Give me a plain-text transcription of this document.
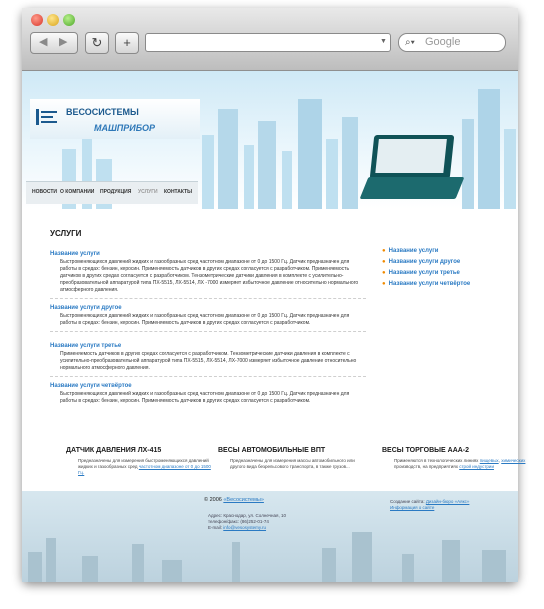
◀ ▶	↻	+	▼ ⌕▾ Google
ВЕСОСИСТЕМЫ
МАШПРИБОР
НОВОСТИ О КОМПАНИИ ПРОДУКЦИЯ УСЛУГИ КОНТАКТЫ
УСЛУГИ
Название услуги
Быстроменяющихся давлений жидких и газообразных сред частотном диапазоне от 0 до 1500 Гц. Датчик предназначен для работы в средах: бензин, керосин. Применяемость датчиков в других средах согласуется с разработчиком. Применяемость датчиков в других средах согласуется с разработчиком. Тензометрические датчики давления в комплекте с усилительно-преобразовательной аппаратурой типа ПХ-5515, ЛХ-5514, ЛХ -7000 измеряет избыточное давление относительно нормального атмосферного давления.
Название услуги другое
Быстроменяющихся давлений жидких и газообразных сред частотном диапазоне от 0 до 1500 Гц. Датчик предназначен для работы в средах: бензин, керосин. Применяемость датчиков в других средах согласуется с разработчиком.
Название услуги третье
Применяемость датчиков в других средах согласуется с разработчиком. Тензометрические датчики давления в комплекте с усилительно-преобразовательной аппаратурой типа ПХ-5515, ЛХ-5514, ЛХ-7000 измеряет избыточное давление относительно нормального атмосферного давления.
Название услуги четвёртое
Быстроменяющихся давлений жидких и газообразных сред частотном диапазоне от 0 до 1500 Гц. Датчик предназначен для работы в средах: бензин, керосин. Применяемость датчиков в других средах согласуется с разработчиком.
● Название услуги
● Название услуги другое
● Название услуги третье
● Название услуги четвёртое
ДАТЧИК ДАВЛЕНИЯ ЛХ-415
Предназначены для измерения быстроменяющихся давлений жидких и газообразных сред частотном диапазоне от 0 до 1500 Гц.
ВЕСЫ АВТОМОБИЛЬНЫЕ ВПТ
Предназначены для измерения массы автомобильного или другого вида безрельсового транспорта, в также грузов...
ВЕСЫ ТОРГОВЫЕ ААА-2
Применяются в технологических линиях пищевых, химических производств, на предприятиях строй индустрии
© 2006 «Весосистемы»
Адрес: Краснодар, ул. Солнечная, 10
телефон/факс: (86)252-01-74
E-mail: info@vesosystemy.ru
Создание сайта: Дизайн-бюро «Аякс»
Информация о сайте
